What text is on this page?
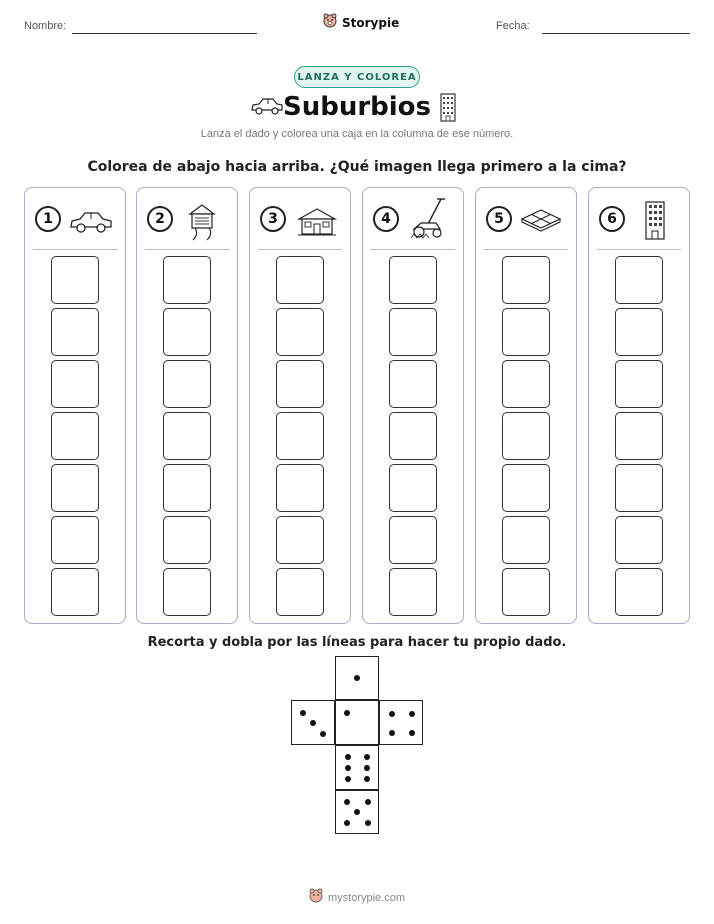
Nombre:	Fecha:
Storypie
LANZA Y COLOREA
Suburbios
Lanza el dado y colorea una caja en la columna de ese número.
Colorea de abajo hacia arriba. ¿Qué imagen llega primero a la cima?
1	2	3	4	5	6
Recorta y dobla por las líneas para hacer tu propio dado.
mystorypie.com
